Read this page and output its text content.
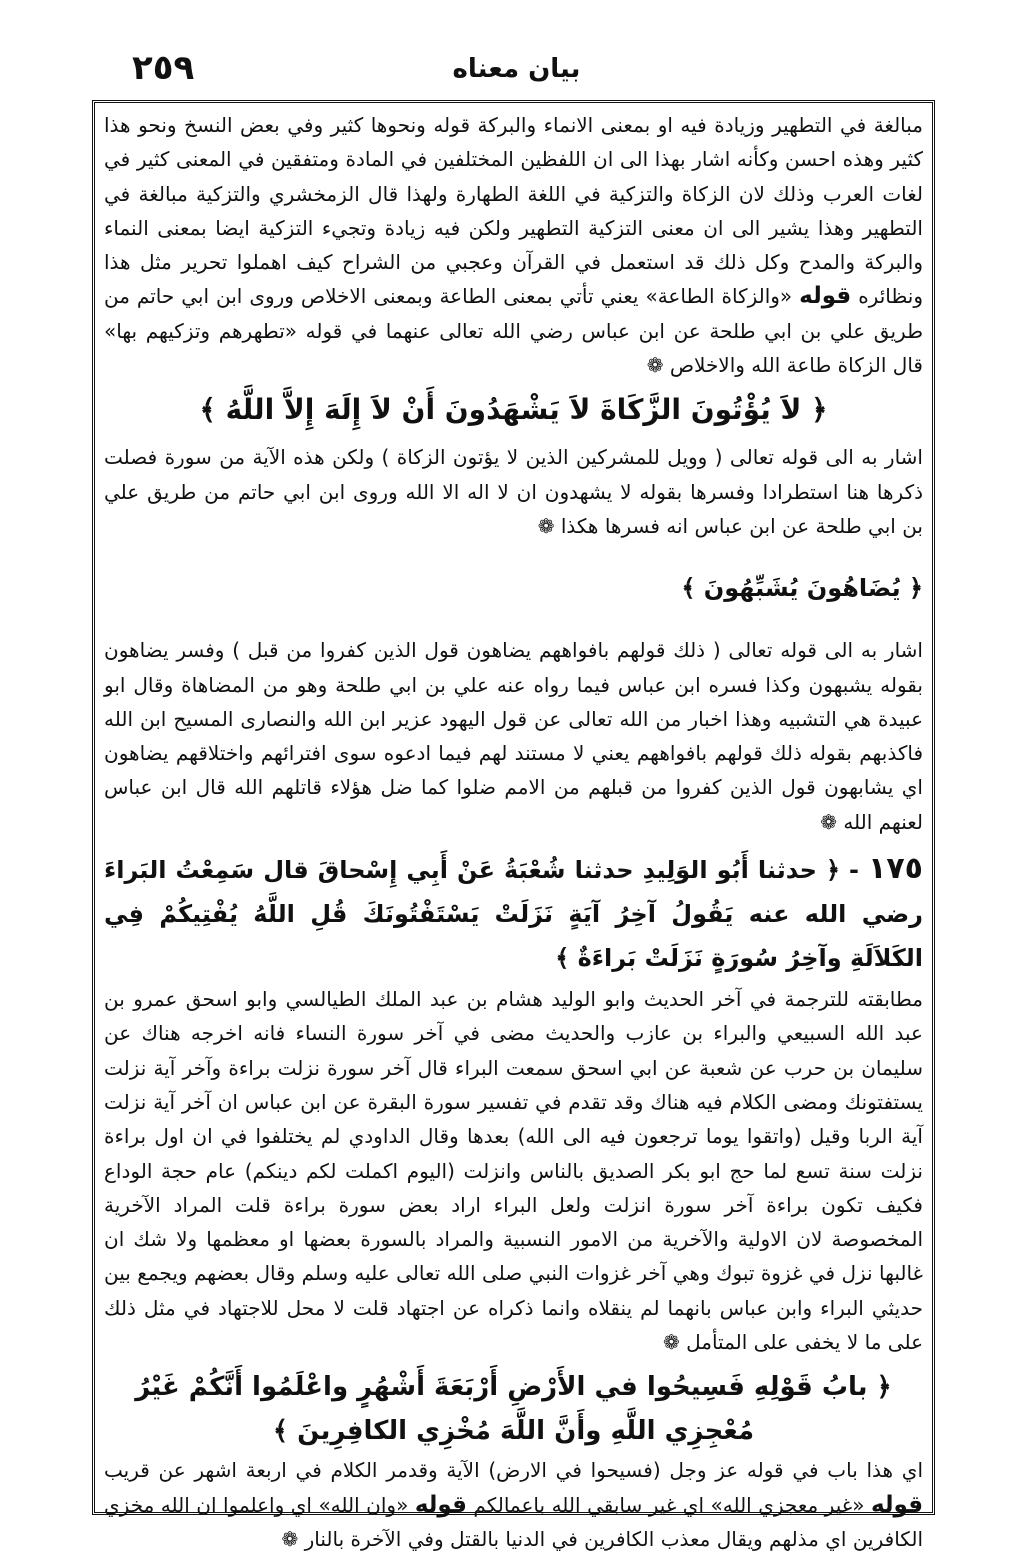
٢٥٩	بيان معناه

مبالغة في التطهير وزيادة فيه او بمعنى الانماء والبركة قوله ونحوها كثير وفي بعض النسخ ونحو هذا كثير وهذه احسن وكأنه اشار بهذا الى ان اللفظين المختلفين في المادة ومتفقين في المعنى كثير في لغات العرب وذلك لان الزكاة والتزكية في اللغة الطهارة ولهذا قال الزمخشري والتزكية مبالغة في التطهير وهذا يشير الى ان معنى التزكية التطهير ولكن فيه زيادة وتجيء التزكية ايضا بمعنى النماء والبركة والمدح وكل ذلك قد استعمل في القرآن وعجبي من الشراح كيف اهملوا تحرير مثل هذا ونظائره قوله «والزكاة الطاعة» يعني تأتي بمعنى الطاعة وبمعنى الاخلاص وروى ابن ابي حاتم من طريق علي بن ابي طلحة عن ابن عباس رضي الله تعالى عنهما في قوله «تطهرهم وتزكيهم بها» قال الزكاة طاعة الله والاخلاص ❁

﴿ لاَ يُؤْتُونَ الزَّكَاةَ لاَ يَشْهَدُونَ أَنْ لاَ إِلَهَ إِلاَّ اللَّهُ ﴾

اشار به الى قوله تعالى ( وويل للمشركين الذين لا يؤتون الزكاة ) ولكن هذه الآية من سورة فصلت ذكرها هنا استطرادا وفسرها بقوله لا يشهدون ان لا اله الا الله وروى ابن ابي حاتم من طريق علي بن ابي طلحة عن ابن عباس انه فسرها هكذا ❁

﴿ يُضَاهُونَ يُشَبِّهُونَ ﴾

اشار به الى قوله تعالى ( ذلك قولهم بافواههم يضاهون قول الذين كفروا من قبل ) وفسر يضاهون بقوله يشبهون وكذا فسره ابن عباس فيما رواه عنه علي بن ابي طلحة وهو من المضاهاة وقال ابو عبيدة هي التشبيه وهذا اخبار من الله تعالى عن قول اليهود عزير ابن الله والنصارى المسيح ابن الله فاكذبهم بقوله ذلك قولهم بافواههم يعني لا مستند لهم فيما ادعوه سوى افترائهم واختلاقهم يضاهون اي يشابهون قول الذين كفروا من قبلهم من الامم ضلوا كما ضل هؤلاء قاتلهم الله قال ابن عباس لعنهم الله ❁

١٧٥ - ﴿ حدثنا أَبُو الوَلِيدِ حدثنا شُعْبَةُ عَنْ أَبِي إِسْحاقَ قال سَمِعْتُ البَراءَ رضي الله عنه يَقُولُ آخِرُ آيَةٍ نَزَلَتْ يَسْتَفْتُونَكَ قُلِ اللَّهُ يُفْتِيكُمْ فِي الكَلاَلَةِ وآخِرُ سُورَةٍ نَزَلَتْ بَراءَةٌ ﴾

مطابقته للترجمة في آخر الحديث وابو الوليد هشام بن عبد الملك الطيالسي وابو اسحق عمرو بن عبد الله السبيعي والبراء بن عازب والحديث مضى في آخر سورة النساء فانه اخرجه هناك عن سليمان بن حرب عن شعبة عن ابي اسحق سمعت البراء قال آخر سورة نزلت براءة وآخر آية نزلت يستفتونك ومضى الكلام فيه هناك وقد تقدم في تفسير سورة البقرة عن ابن عباس ان آخر آية نزلت آية الربا وقيل (واتقوا يوما ترجعون فيه الى الله) بعدها وقال الداودي لم يختلفوا في ان اول براءة نزلت سنة تسع لما حج ابو بكر الصديق بالناس وانزلت (اليوم اكملت لكم دينكم) عام حجة الوداع فكيف تكون براءة آخر سورة انزلت ولعل البراء اراد بعض سورة براءة قلت المراد الآخرية المخصوصة لان الاولية والآخرية من الامور النسبية والمراد بالسورة بعضها او معظمها ولا شك ان غالبها نزل في غزوة تبوك وهي آخر غزوات النبي صلى الله تعالى عليه وسلم وقال بعضهم ويجمع بين حديثي البراء وابن عباس بانهما لم ينقلاه وانما ذكراه عن اجتهاد قلت لا محل للاجتهاد في مثل ذلك على ما لا يخفى على المتأمل ❁

﴿ بابُ قَوْلِهِ فَسِيحُوا في الأَرْضِ أَرْبَعَةَ أَشْهُرٍ واعْلَمُوا أَنَّكُمْ غَيْرُ
مُعْجِزِي اللَّهِ وأَنَّ اللَّهَ مُخْزِي الكافِرِينَ ﴾

اي هذا باب في قوله عز وجل (فسيحوا في الارض) الآية وقدمر الكلام في اربعة اشهر عن قريب قوله «غير معجزي الله» اي غير سابقي الله باعمالكم قوله «وان الله» اي واعلموا ان الله مخزي الكافرين اي مذلهم ويقال معذب الكافرين في الدنيا بالقتل وفي الآخرة بالنار ❁
